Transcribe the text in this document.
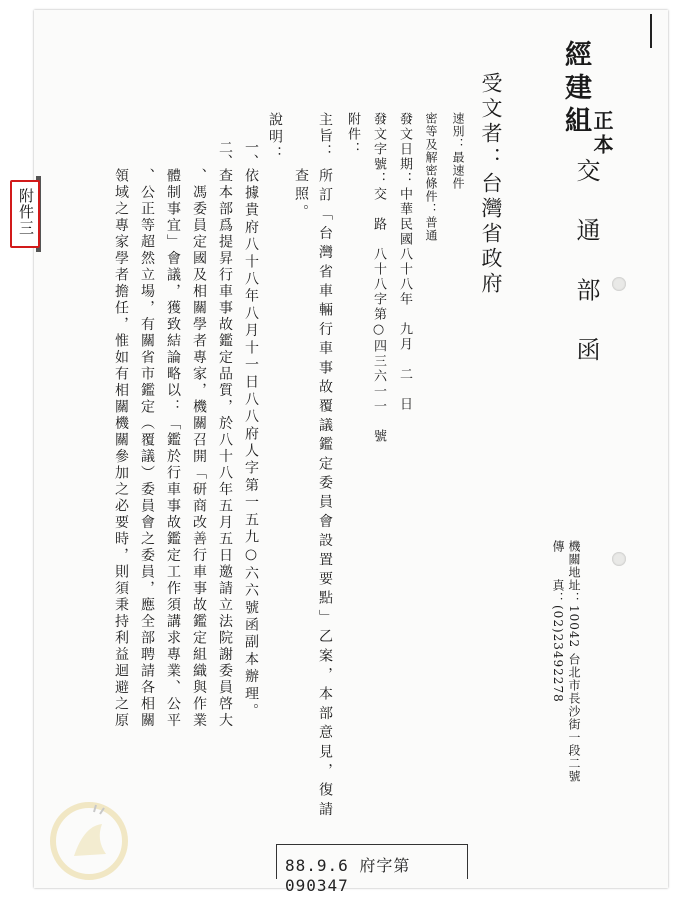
經建組 正本
交 通 部 函
受文者：台灣省政府
速別：最速件
密等及解密條件：普通
發文日期：中華民國八十八年　九月　二　日
發文字號：交　路　八十八字第○四三六一一　號
附件：
主旨：
所訂「台灣省車輛行車事故覆議鑑定委員會設置要點」乙案，本部意見，復請
查照。
說明：
一、
依據貴府八十八年八月十一日八八府人字第一五九○六六號函副本辦理。
二、
查本部爲提昇行車事故鑑定品質，於八十八年五月五日邀請立法院謝委員啓大
、馮委員定國及相關學者專家，機關召開「研商改善行車事故鑑定組織與作業
體制事宜」會議，獲致結論略以：「鑑於行車事故鑑定工作須講求專業、公平
、公正等超然立場，有關省市鑑定（覆議）委員會之委員，應全部聘請各相關
領域之專家學者擔任，惟如有相關機關參加之必要時，則須秉持利益迴避之原	機關地址：10042 台北市長沙街一段二號
傳　　真：(02)23492278
附件三
88.9.6 府字第090347
